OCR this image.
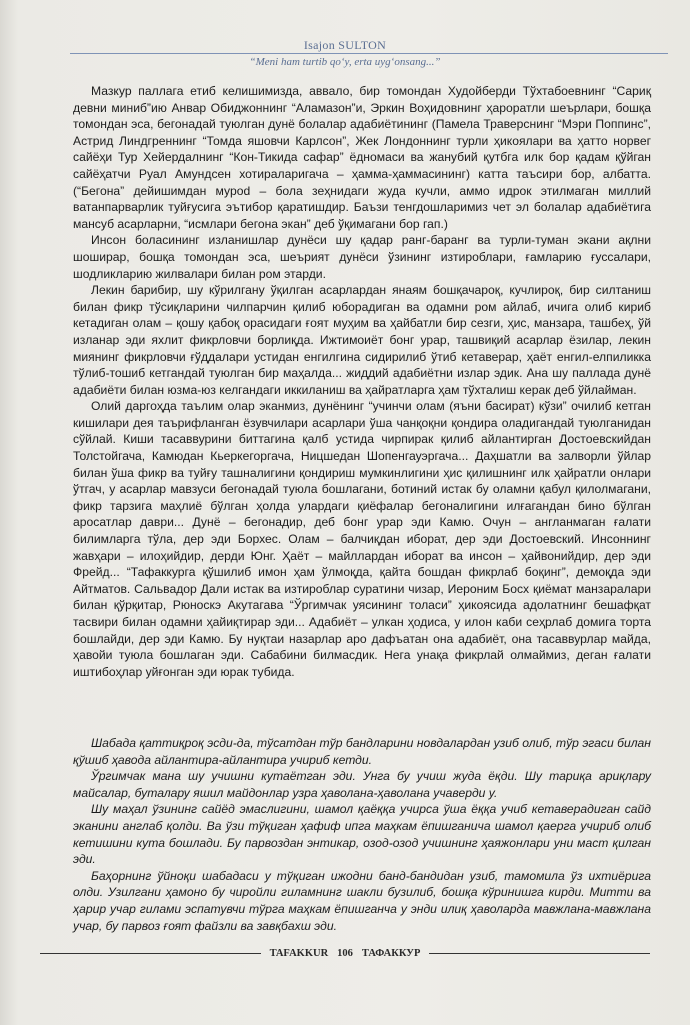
Isajon SULTON
“Meni ham turtib qo‘y, erta uyg‘onsang...”

Мазкур паллага етиб келишимизда, аввало, бир томондан Худойберди Тўхтабоевнинг “Сариқ девни миниб”ию Анвар Обиджоннинг “Аламазон”и, Эркин Воҳидовнинг ҳароратли шеърлари, бошқа томондан эса, бегонадай туюлган дунё болалар адабиётининг (Памела Траверснинг “Мэри Поппинс”, Астрид Линдгреннинг “Томда яшовчи Карлсон”, Жек Лондоннинг турли ҳикоялари ва ҳатто норвег сайёҳи Тур Хейердалнинг “Кон-Тикида сафар” ёдномаси ва жанубий қутбга илк бор қадам қўйган сайёҳатчи Руал Амундсен хотираларигача – ҳамма-ҳаммасининг) катта таъсири бор, албатта. (“Бегона” дейишимдан муроd – бола зеҳнидаги жуда кучли, аммо идрок этилмаган миллий ватанпарварлик туйғусига эътибор қаратишдир. Баъзи тенгдошларимиз чет эл болалар адабиётига мансуб асарларни, “исмлари бегона экан” деб ўқимагани бор гап.)

Инсон боласининг изланишлар дунёси шу қадар ранг-баранг ва турли-туман экани ақлни шоширар, бошқа томондан эса, шеърият дунёси ўзининг изтироблари, ғамларию ғуссалари, шодликларию жилвалари билан ром этарди.

Лекин барибир, шу кўрилгану ўқилган асарлардан янаям бошқачароқ, кучлироқ, бир силтаниш билан фикр тўсиқларини чилпарчин қилиб юборадиган ва одамни ром айлаб, ичига олиб кириб кетадиган олам – қошу қабоқ орасидаги ғоят муҳим ва ҳайбатли бир сезги, ҳис, манзара, ташбеҳ, ўй изланар эди яхлит фикрловчи борлиқда. Ижтимоиёт бонг урар, ташвиқий асарлар ёзилар, лекин миянинг фикрловчи ғўддалари устидан енгилгина сидирилиб ўтиб кетаверар, ҳаёт енгил-елпиликка тўлиб-тошиб кетгандай туюлган бир маҳалда... жиддий адабиётни излар эдик. Ана шу паллада дунё адабиёти билан юзма-юз келгандаги иккиланиш ва ҳайратларга ҳам тўхталиш керак деб ўйлайман.

Олий даргоҳда таълим олар эканмиз, дунёнинг “учинчи олам (яъни басират) кўзи” очилиб кетган кишилари дея таърифланган ёзувчилари асарлари ўша чанқоқни қондира оладигандай туюлганидан сўйлай. Киши тасаввурини биттагина қалб устида чирпирак қилиб айлантирган Достоевскийдан Толстойгача, Камюдан Кьеркегоргача, Ницшедан Шопенгауэргача... Даҳшатли ва залворли ўйлар билан ўша фикр ва туйғу ташналигини қондириш мумкинлигини ҳис қилишнинг илк ҳайратли онлари ўтгач, у асарлар мавзуси бегонадай туюла бошлагани, ботиний истак бу оламни қабул қилолмагани, фикр тарзига маҳлиё бўлган ҳолда улардаги қиёфалар бегоналигини илғагандан бино бўлган аросатлар даври... Дунё – бегонадир, деб бонг урар эди Камю. Очун – англанмаган ғалати билимларга тўла, дер эди Борхес. Олам – балчиқдан иборат, дер эди Достоевский. Инсоннинг жавҳари – илоҳийдир, дерди Юнг. Ҳаёт – майллардан иборат ва инсон – ҳайвонийдир, дер эди Фрейд... “Тафаккурга қўшилиб имон ҳам ўлмоқда, қайта бошдан фикрлаб боқинг”, демоқда эди Айтматов. Сальвадор Дали истак ва изтироблар суратини чизар, Иероним Босх қиёмат манзаралари билан қўрқитар, Рюноскэ Акутагава “Ўргимчак уясининг толаси” ҳикоясида адолатнинг бешафқат тасвири билан одамни ҳайиқтирар эди... Адабиёт – улкан ҳодиса, у илон каби сеҳрлаб домига торта бошлайди, дер эди Камю. Бу нуқтаи назарлар аро дафъатан она адабиёт, она тасаввурлар майда, ҳавойи туюла бошлаган эди. Сабабини билмасдик. Нега унақа фикрлай олмаймиз, деган ғалати иштибоҳлар уйғонган эди юрак тубида.

Шабада қаттиқроқ эсди-да, тўсатдан тўр бандларини новдалардан узиб олиб, тўр эгаси билан қўшиб ҳавода айлантира-айлантира учириб кетди.

Ўргимчак мана шу учишни кутаётган эди. Унга бу учиш жуда ёқди. Шу тариқа ариқлару майсалар, буталару яшил майдонлар узра ҳаволана-ҳаволана учаверди у.

Шу маҳал ўзининг сайёд эмаслигини, шамол қаёққа учирса ўша ёққа учиб кетаверадиган сайд эканини англаб қолди. Ва ўзи тўқиган ҳафиф ипга маҳкам ёпишганича шамол қаерга учириб олиб кетишини кута бошлади. Бу парвоздан энтикар, озод-озод учишнинг ҳаяжонлари уни маст қилган эди.

Баҳорнинг ўйноқи шабадаси у тўқиган ижодни банд-бандидан узиб, тамомила ўз ихтиёрига олди. Узилгани ҳамоно бу чиройли гиламнинг шакли бузилиб, бошқа кўринишга кирди. Митти ва ҳарир учар гилами эспатувчи тўрга маҳкам ёпишганча у энди илиқ ҳаволарда мавжлана-мавжлана учар, бу парвоз ғоят файзли ва завқбахш эди.

TAFAKKUR 106 ТАФАККУР
